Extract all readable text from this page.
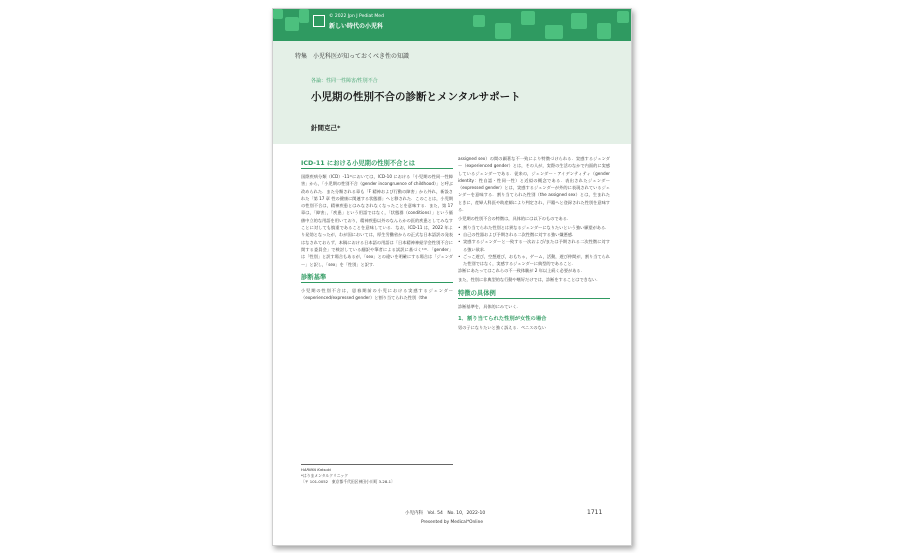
© 2022 Jpn J Pediat Med
新しい時代の小児科
特集　小児科医が知っておくべき性の知識
各論：性同一性障害/性別不合
小児期の性別不合の診断とメンタルサポート
針間克己*
ICD-11 における小児期の性別不合とは

国際疾病分類（ICD）-11¹⁾においては，ICD-10 における「小児期の性同一性障害」から，「小児期の性別不合（gender incongruence of childhood）」と呼ぶ改められた．また分類される章も「F 精神および行動の障害」から外れ，新設された「第 17 章 性の健康に関連する状態群」へと移された．このことは，小児期の性別不合は，精神疾患とはみなされなくなったことを意味する．また，第 17 章は，「障害」，「疾患」という用語ではなく，「状態群（conditions）」という価値中立的な用語を用いており，精神疾患以外のなんらかの医的疾患としてみなすことに対しても慎重であることを意味している．なお，ICD-11 は，2022 年より発効となったが，わが国においては，厚生労働省からの正式な日本語訳の発表はなされておらず，本稿における日本語の用語は「日本精神神経学会性別不合に関する委員会」で検討している翻訳や筆者による試訳に基づく¹⁾²⁾．「gender」は「性別」と訳す場合もあるが，「sex」との違いを明確にする場合は「ジェンダー」と訳し，「sex」を「性別」と訳す．

診断基準

小児期の性別不合は，思春期前の小児における実感するジェンダー（experienced/expressed gender）と割り当てられた性別（the

assigned sex）の間の顕著な不一致により特徴づけられる．実感するジェンダー（experienced gender）とは，その人が，実際の生活のなかで内面的に実感しているジェンダーである．従来の，ジェンダー・アイデンティティ（gender identity：性自認・性同一性）と近似の概念である．表出されたジェンダー（expressed gender）とは，実感するジェンダーが外的に表現されているジェンダーを意味する．割り当てられた性別（the assigned sex）とは，生まれたときに，産婦人科医や助産師により判定され，戸籍へと登録された性別を意味する．

小児期の性別不合の特徴は，具体的には以下のものである．

• 割り当てられた性別とは異なるジェンダーになりたいという強い願望がある．
• 自己の性器および予期される二次性徴に対する強い嫌悪感．
• 実感するジェンダーと一致する一次および/または予期される二次性徴に対する強い欲求．
• ごっこ遊び，空想遊び，おもちゃ，ゲーム，活動，遊び仲間が，割り当てられた性別ではなく，実感するジェンダーに典型的であること．

診断にあたってはこれらの不一致体験が 2 年以上続く必要がある．

また，性別に非典型的な行動や嗜好だけでは，診断をすることはできない．

特徴の具体例

診断基準を，具体的にみていく．

1．割り当てられた性別が女性の場合

男の子になりたいと強く訴える．ペニスのない

HARIMA Katsuki
*はりまメンタルクリニック
〔〒 101-0052　東京都千代田区神田小川町 3-28-1〕
小児内科　Vol. 54　No. 10，2022-10	1711
Presented by Medical*Online
